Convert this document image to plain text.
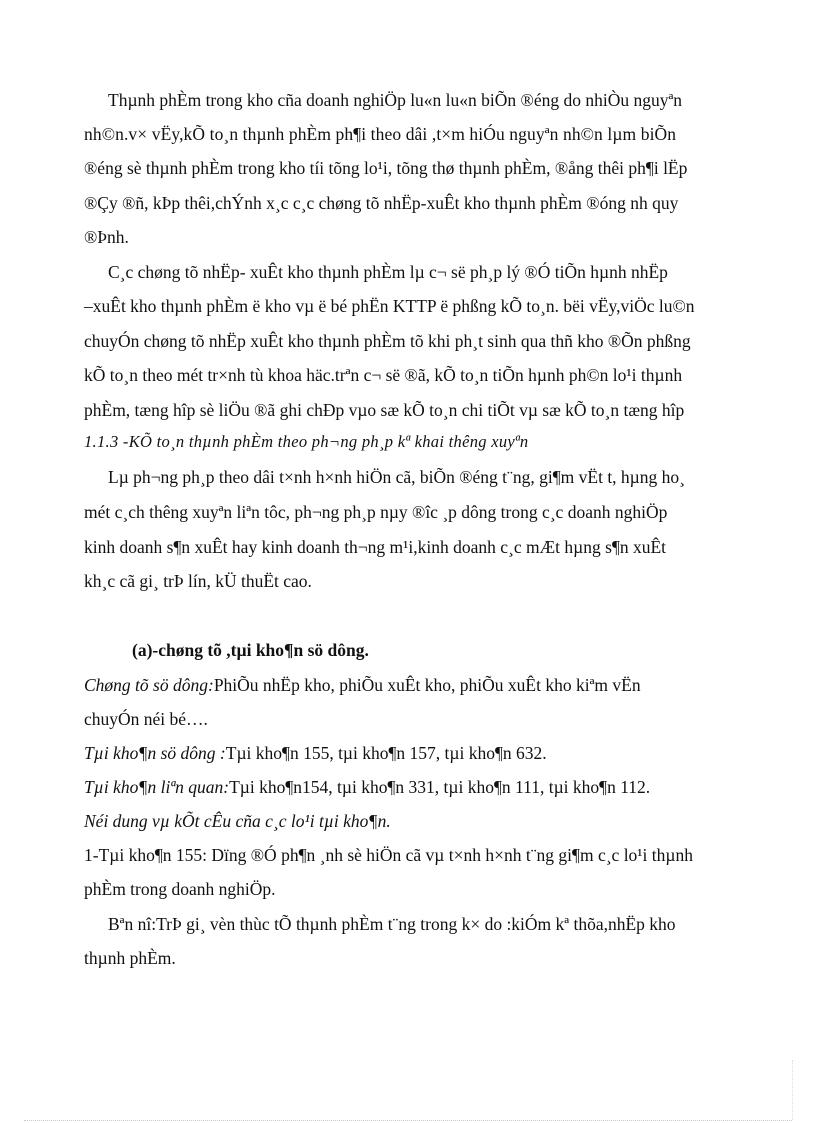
Thµnh phÈm trong kho cña doanh nghiÖp lu«n lu«n biÕn ®éng do nhiÒu nguyªn
nh©n.v× vËy,kÕ to¸n thµnh phÈm ph¶i theo dâi ,t×m hiÓu nguyªn nh©n lµm biÕn
®éng sè thµnh phÈm trong kho tíi tõng lo¹i, tõng thø thµnh phÈm, ®ång thêi ph¶i lËp
®Çy ®ñ, kÞp thêi,chÝnh x¸c c¸c chøng tõ nhËp-xuÊt kho thµnh phÈm ®óng nh quy
®Þnh.
C¸c chøng tõ nhËp- xuÊt kho thµnh phÈm lµ c¬ së ph¸p lý ®Ó tiÕn hµnh nhËp
–xuÊt kho thµnh phÈm ë kho vµ ë bé phËn KTTP ë phßng kÕ to¸n. bëi vËy,viÖc lu©n
chuyÓn chøng tõ nhËp xuÊt kho thµnh phÈm tõ khi ph¸t sinh qua thñ kho ®Õn phßng
kÕ to¸n theo mét tr×nh tù khoa häc.trªn c¬ së ®ã, kÕ to¸n tiÕn hµnh ph©n lo¹i thµnh
phÈm, tæng hîp sè liÖu ®ã ghi chÐp vµo sæ kÕ to¸n chi tiÕt vµ sæ kÕ to¸n tæng hîp
1.1.3 -KÕ to¸n thµnh phÈm theo ph¬ng ph¸p kª khai thêng xuyªn
Lµ ph¬ng ph¸p theo dâi t×nh h×nh hiÖn cã, biÕn ®éng t¨ng, gi¶m vËt t, hµng ho¸
mét c¸ch thêng xuyªn liªn tôc, ph¬ng ph¸p nµy ®îc ¸p dông trong c¸c doanh nghiÖp
kinh doanh s¶n xuÊt hay kinh doanh th¬ng m¹i,kinh doanh c¸c mÆt hµng s¶n xuÊt
kh¸c cã gi¸ trÞ lín, kÜ thuËt cao.
(a)-chøng tõ ,tµi kho¶n sö dông.
Chøng tõ sö dông:PhiÕu nhËp kho, phiÕu xuÊt kho, phiÕu xuÊt kho kiªm vËn
chuyÓn néi bé….
Tµi kho¶n sö dông :Tµi kho¶n 155, tµi kho¶n 157, tµi kho¶n 632.
Tµi kho¶n liªn quan:Tµi kho¶n154, tµi kho¶n 331, tµi kho¶n 111, tµi kho¶n 112.
Néi dung vµ kÕt cÊu cña c¸c lo¹i tµi kho¶n.
1-Tµi kho¶n 155: Dïng ®Ó ph¶n ¸nh sè hiÖn cã vµ t×nh h×nh t¨ng gi¶m c¸c lo¹i thµnh
phÈm trong doanh nghiÖp.
Bªn nî:TrÞ gi¸ vèn thùc tÕ thµnh phÈm t¨ng trong k× do :kiÓm kª thõa,nhËp kho
thµnh phÈm.
